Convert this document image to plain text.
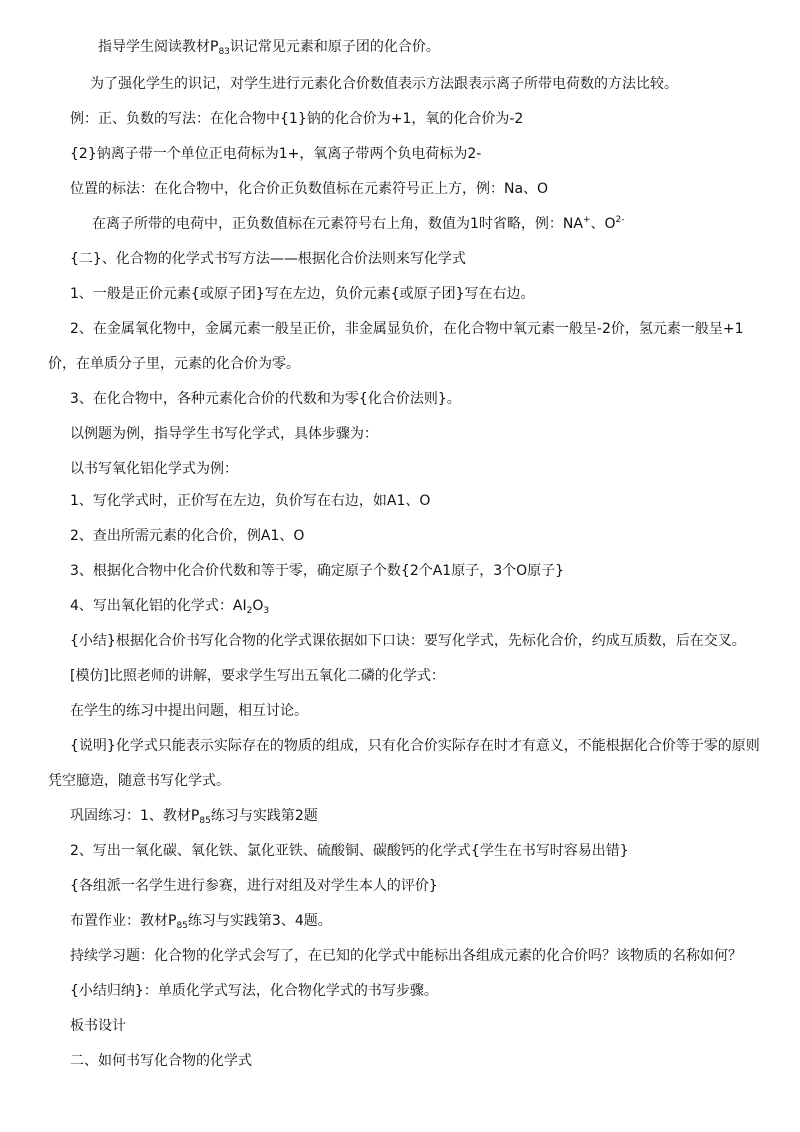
指导学生阅读教材$P_{83}$识记常见元素和原子团的化合价。
为了强化学生的识记，对学生进行元素化合价数值表示方法跟表示离子所带电荷数的方法比较。
例：正、负数的写法：在化合物中{1}钠的化合价为+1，氧的化合价为-2
{2}钠离子带一个单位正电荷标为1+，氧离子带两个负电荷标为2-
位置的标法：在化合物中，化合价正负数值标在元素符号正上方，例：Na、O
在离子所带的电荷中，正负数值标在元素符号右上角，数值为1时省略，例：NA+、$O^{2-}$
{二}、化合物的化学式书写方法——根据化合价法则来写化学式
1、一般是正价元素{或原子团}写在左边，负价元素{或原子团}写在右边。
2、在金属氧化物中，金属元素一般呈正价，非金属显负价，在化合物中氧元素一般呈-2价，氢元素一般呈+1
价，在单质分子里，元素的化合价为零。
3、在化合物中，各种元素化合价的代数和为零{化合价法则}。
以例题为例，指导学生书写化学式，具体步骤为：
以书写氧化铝化学式为例：
1、写化学式时，正价写在左边，负价写在右边，如A1、O
2、查出所需元素的化合价，例A1、O
3、根据化合物中化合价代数和等于零，确定原子个数{2个A1原子，3个O原子}
4、写出氧化铝的化学式：$AI_2O_3$
{小结}根据化合价书写化合物的化学式课依据如下口诀：要写化学式，先标化合价，约成互质数，后在交叉。
[模仿]比照老师的讲解，要求学生写出五氧化二磷的化学式：
在学生的练习中提出问题，相互讨论。
{说明}化学式只能表示实际存在的物质的组成，只有化合价实际存在时才有意义，不能根据化合价等于零的原则
凭空臆造，随意书写化学式。
巩固练习：1、教材$P_{85}$练习与实践第2题
2、写出一氧化碳、氧化铁、氯化亚铁、硫酸铜、碳酸钙的化学式{学生在书写时容易出错}
{各组派一名学生进行参赛，进行对组及对学生本人的评价}
布置作业：教材$P_{85}$练习与实践第3、4题。
持续学习题：化合物的化学式会写了，在已知的化学式中能标出各组成元素的化合价吗？该物质的名称如何？
{小结归纳}：单质化学式写法，化合物化学式的书写步骤。
板书设计
二、如何书写化合物的化学式
